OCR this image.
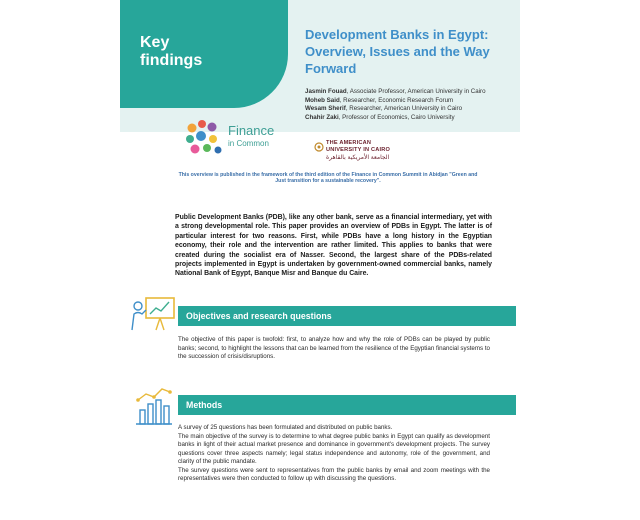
Key
findings
Development Banks in Egypt: Overview, Issues and the Way Forward
Jasmin Fouad, Associate Professor, American University in Cairo
Moheb Said, Researcher, Economic Research Forum
Wesam Sherif, Researcher, American University in Cairo
Chahir Zaki, Professor of Economics, Cairo University
Finance
in Common	THE AMERICAN
UNIVERSITY IN CAIRO
الجامعة الأمريكية بالقاهرة
This overview is published in the framework of the third edition of the Finance in Common Summit in Abidjan "Green and Just transition for a sustainable recovery".
Public Development Banks (PDB), like any other bank, serve as a financial intermediary, yet with a strong developmental role. This paper provides an overview of PDBs in Egypt. The latter is of particular interest for two reasons. First, while PDBs have a long history in the Egyptian economy, their role and the intervention are rather limited. This applies to banks that were created during the socialist era of Nasser. Second, the largest share of the PDBs-related projects implemented in Egypt is undertaken by government-owned commercial banks, namely National Bank of Egypt, Banque Misr and Banque du Caire.
Objectives and research questions
The objective of this paper is twofold: first, to analyze how and why the role of PDBs can be played by public banks; second, to highlight the lessons that can be learned from the resilience of the Egyptian financial systems to the succession of crisis/disruptions.
Methods

A survey of 25 questions has been formulated and distributed on public banks.

The main objective of the survey is to determine to what degree public banks in Egypt can qualify as development banks in light of their actual market presence and dominance in government's development projects. The survey questions cover three aspects namely; legal status independence and autonomy, role of the government, and clarity of the public mandate.

The survey questions were sent to representatives from the public banks by email and zoom meetings with the representatives were then conducted to follow up with discussing the questions.
